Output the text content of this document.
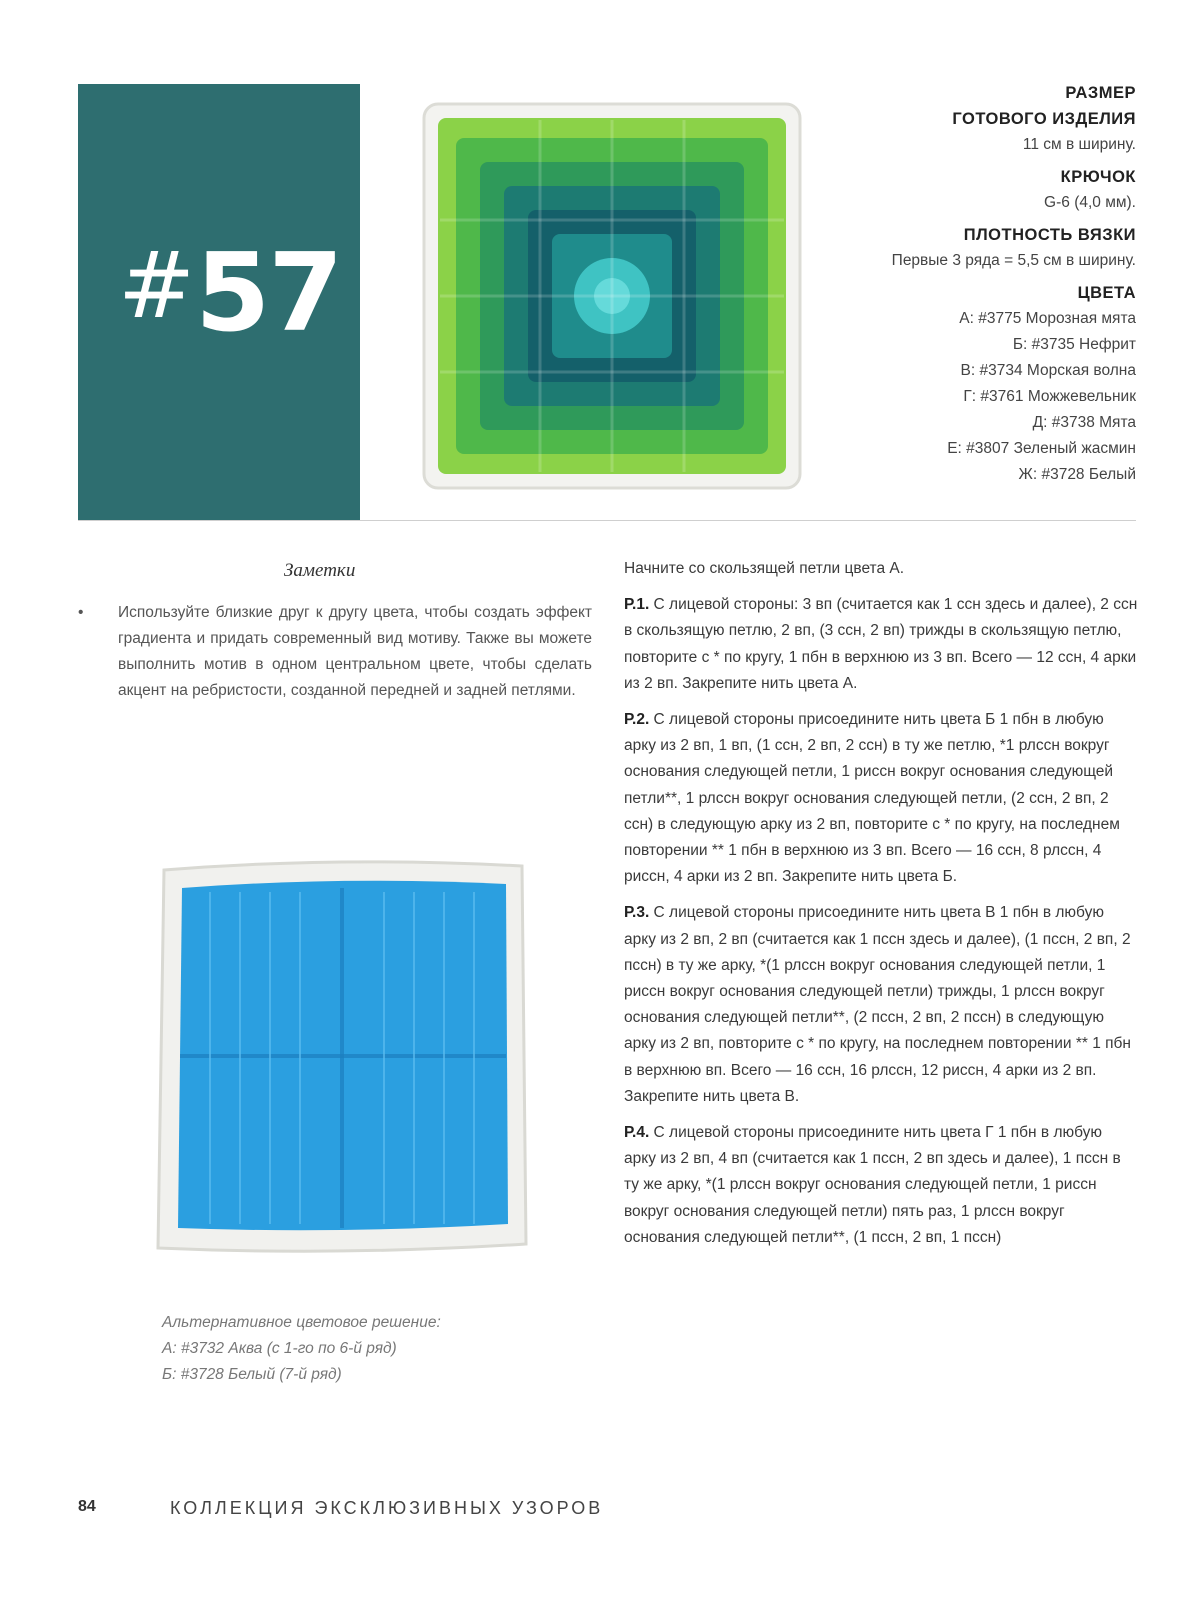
#57
РАЗМЕР
ГОТОВОГО ИЗДЕЛИЯ
11 см в ширину.
КРЮЧОК
G-6 (4,0 мм).
ПЛОТНОСТЬ ВЯЗКИ
Первые 3 ряда = 5,5 см в ширину.
ЦВЕТА
А: #3775 Морозная мята
Б: #3735 Нефрит
В: #3734 Морская волна
Г: #3761 Можжевельник
Д: #3738 Мята
Е: #3807 Зеленый жасмин
Ж: #3728 Белый
Заметки
• Используйте близкие друг к другу цвета, чтобы создать эффект градиента и придать современный вид мотиву. Также вы можете выполнить мотив в одном центральном цвете, чтобы сделать акцент на ребристости, созданной передней и задней петлями.
Альтернативное цветовое решение:
А: #3732 Аква (с 1-го по 6-й ряд)
Б: #3728 Белый (7-й ряд)

Начните со скользящей петли цвета А.

Р.1. С лицевой стороны: 3 вп (считается как 1 ссн здесь и далее), 2 ссн в скользящую петлю, 2 вп, (3 ссн, 2 вп) трижды в скользящую петлю, повторите с * по кругу, 1 пбн в верхнюю из 3 вп. Всего — 12 ссн, 4 арки из 2 вп. Закрепите нить цвета А.

Р.2. С лицевой стороны присоедините нить цвета Б 1 пбн в любую арку из 2 вп, 1 вп, (1 ссн, 2 вп, 2 ссн) в ту же петлю, *1 рлссн вокруг основания следующей петли, 1 риссн вокруг основания следующей петли**, 1 рлссн вокруг основания следующей петли, (2 ссн, 2 вп, 2 ссн) в следующую арку из 2 вп, повторите с * по кругу, на последнем повторении ** 1 пбн в верхнюю из 3 вп. Всего — 16 ссн, 8 рлссн, 4 риссн, 4 арки из 2 вп. Закрепите нить цвета Б.

Р.3. С лицевой стороны присоедините нить цвета В 1 пбн в любую арку из 2 вп, 2 вп (считается как 1 псcн здесь и далее), (1 псcн, 2 вп, 2 псcн) в ту же арку, *(1 рлссн вокруг основания следующей петли, 1 риссн вокруг основания следующей петли) трижды, 1 рлссн вокруг основания следующей петли**, (2 псcн, 2 вп, 2 псcн) в следующую арку из 2 вп, повторите с * по кругу, на последнем повторении ** 1 пбн в верхнюю вп. Всего — 16 ссн, 16 рлссн, 12 риссн, 4 арки из 2 вп. Закрепите нить цвета В.

Р.4. С лицевой стороны присоедините нить цвета Г 1 пбн в любую арку из 2 вп, 4 вп (считается как 1 псcн, 2 вп здесь и далее), 1 псcн в ту же арку, *(1 рлссн вокруг основания следующей петли, 1 риссн вокруг основания следующей петли) пять раз, 1 рлссн вокруг основания следующей петли**, (1 псcн, 2 вп, 1 псcн)

84	КОЛЛЕКЦИЯ ЭКСКЛЮЗИВНЫХ УЗОРОВ
